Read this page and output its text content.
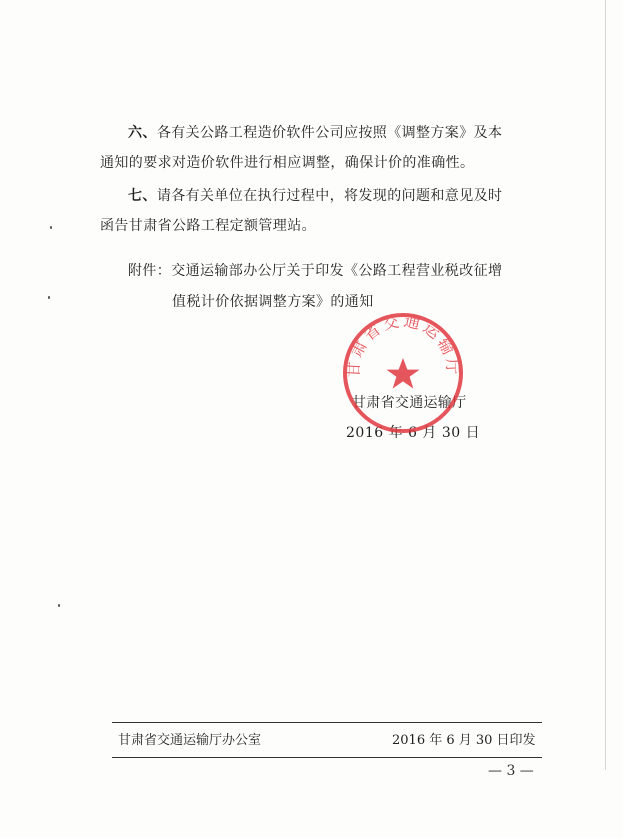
六、各有关公路工程造价软件公司应按照《调整方案》及本
通知的要求对造价软件进行相应调整，确保计价的准确性。
七、请各有关单位在执行过程中，将发现的问题和意见及时
函告甘肃省公路工程定额管理站。
附件：交通运输部办公厅关于印发《公路工程营业税改征增
值税计价依据调整方案》的通知
甘肃省交通运输厅
2016 年 6 月 30 日
甘肃省交通运输厅
甘肃省交通运输厅办公室	2016 年 6 月 30 日印发
— 3 —
